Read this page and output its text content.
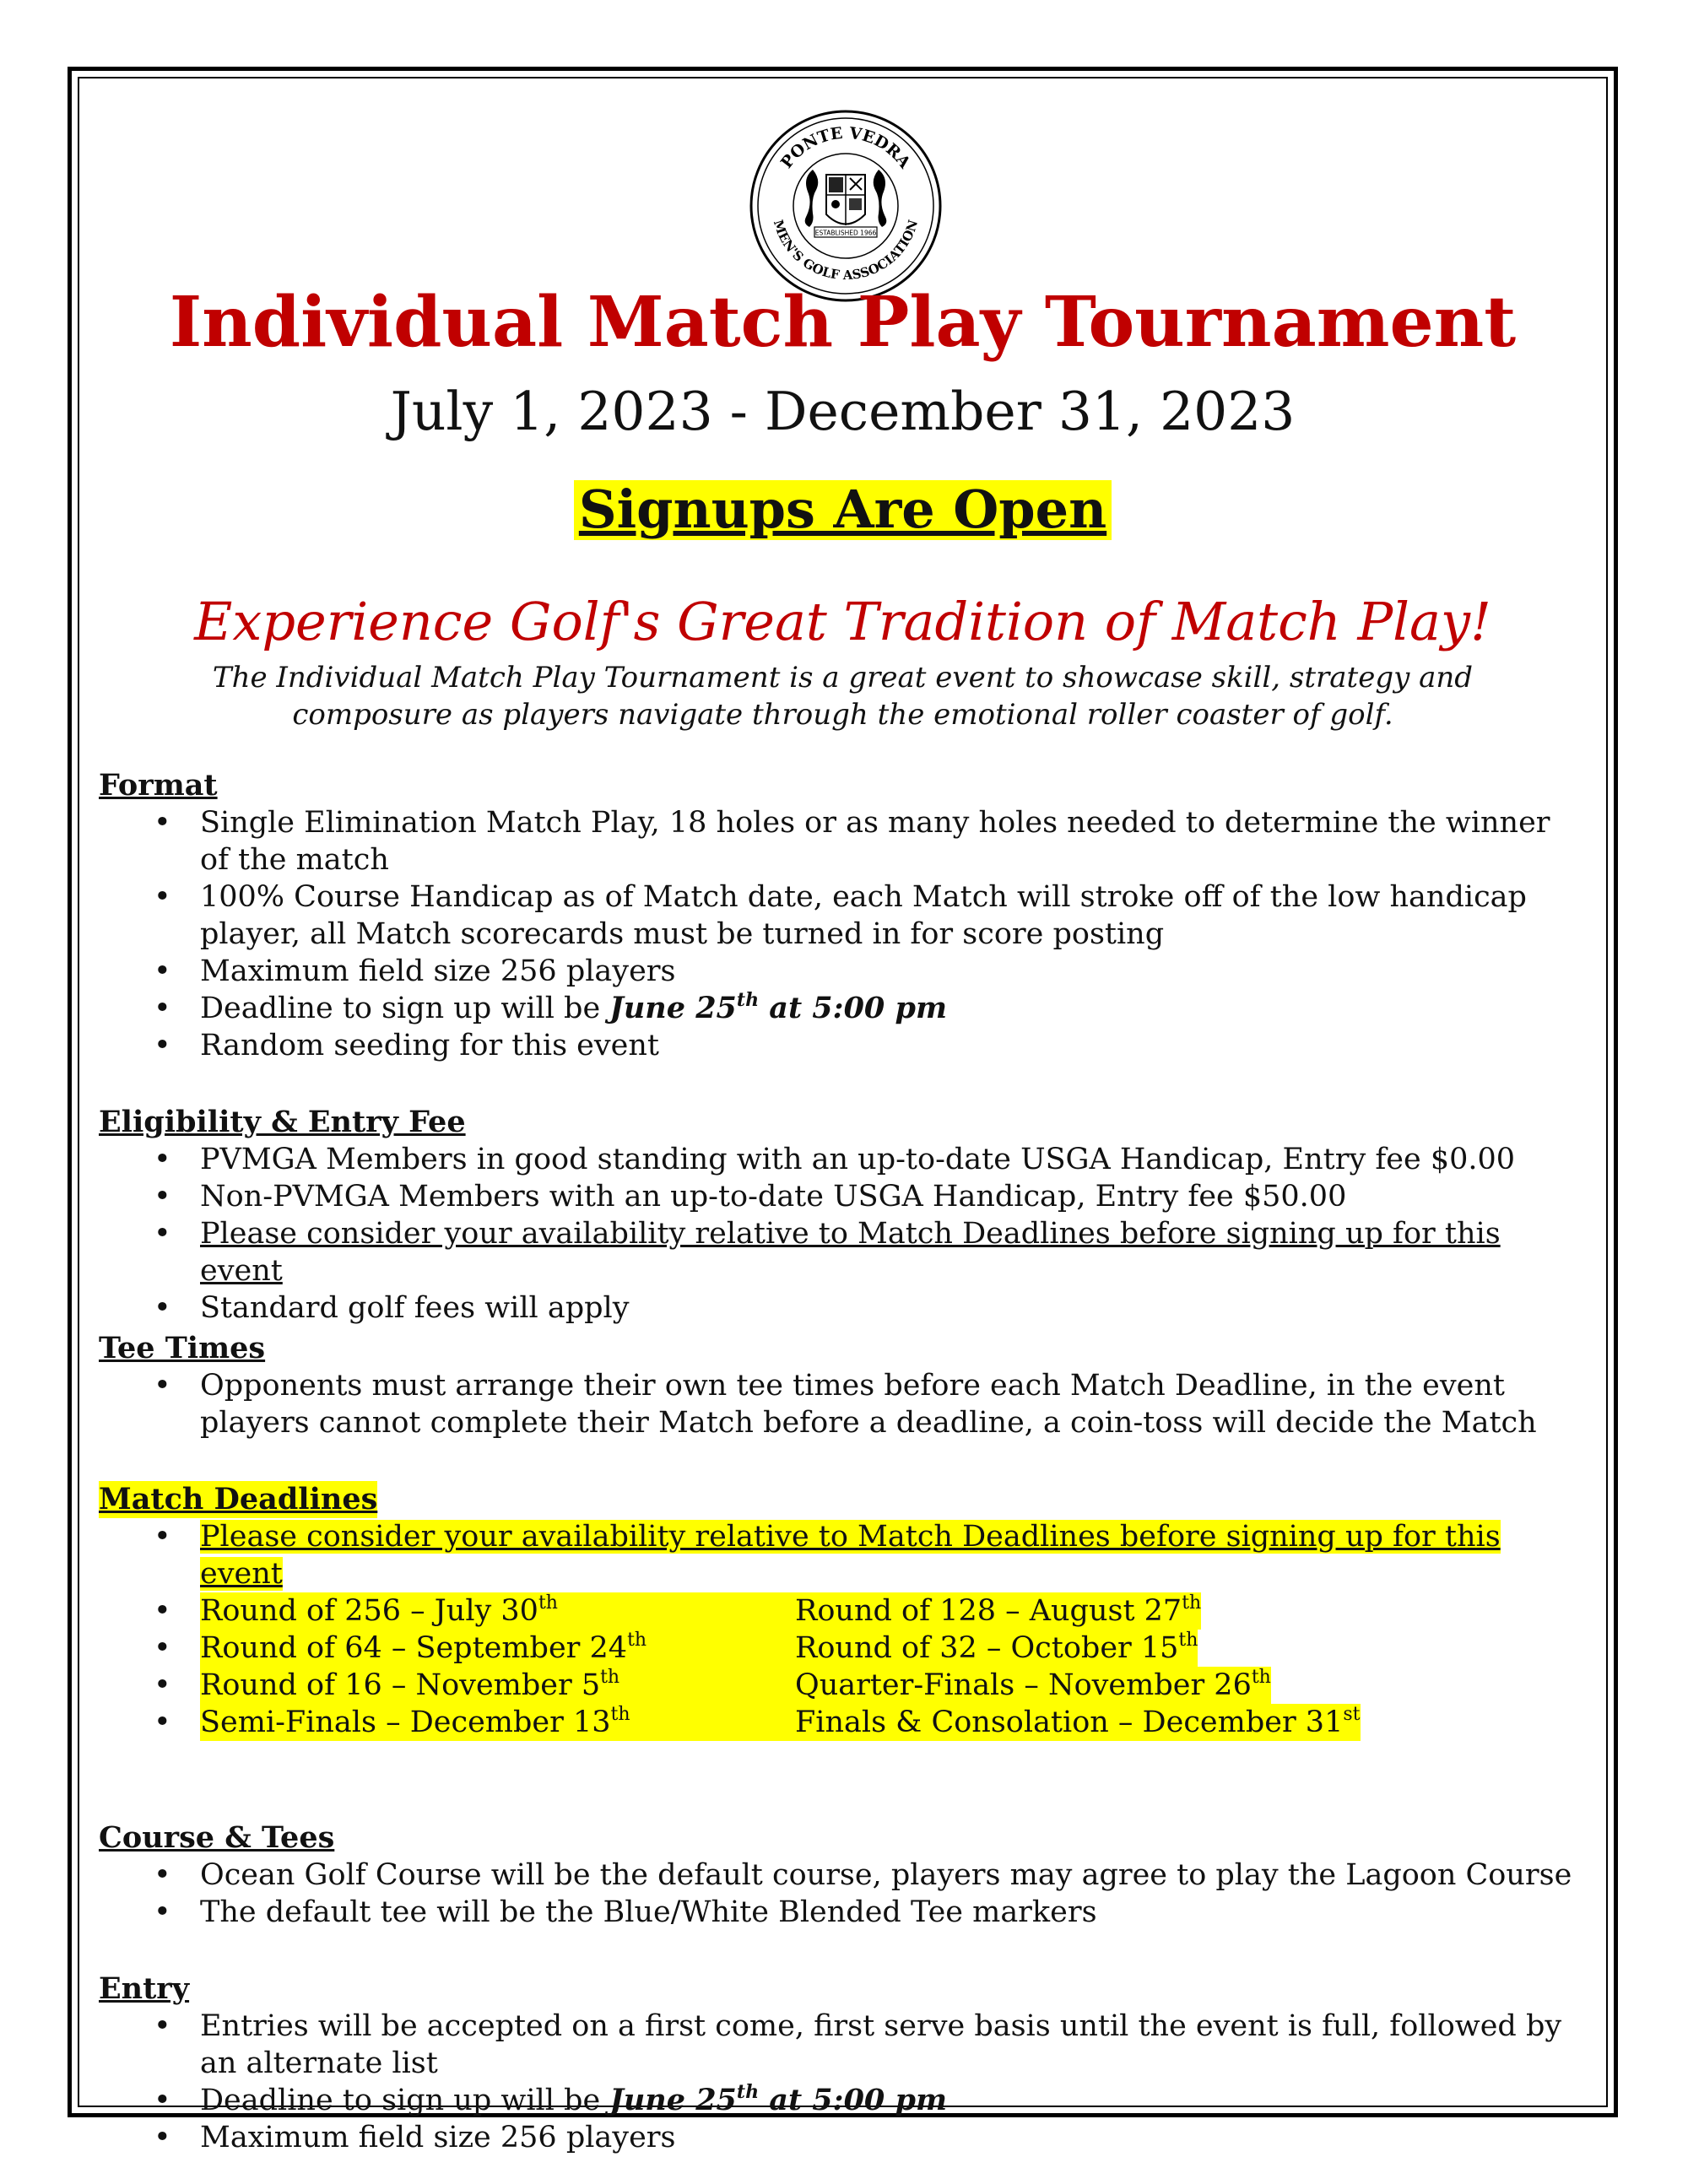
PONTE VEDRA
MEN'S GOLF ASSOCIATION
ESTABLISHED 1966
Individual Match Play Tournament
July 1, 2023 - December 31, 2023
Signups Are Open
Experience Golf's Great Tradition of Match Play!
The Individual Match Play Tournament is a great event to showcase skill, strategy and composure as players navigate through the emotional roller coaster of golf.
Format
• Single Elimination Match Play, 18 holes or as many holes needed to determine the winner of the match
• 100% Course Handicap as of Match date, each Match will stroke off of the low handicap player, all Match scorecards must be turned in for score posting
• Maximum field size 256 players
• Deadline to sign up will be June 25th at 5:00 pm
• Random seeding for this event
Eligibility & Entry Fee
• PVMGA Members in good standing with an up-to-date USGA Handicap, Entry fee $0.00
• Non-PVMGA Members with an up-to-date USGA Handicap, Entry fee $50.00
• Please consider your availability relative to Match Deadlines before signing up for this event
• Standard golf fees will apply
Tee Times
• Opponents must arrange their own tee times before each Match Deadline, in the event players cannot complete their Match before a deadline, a coin-toss will decide the Match
Match Deadlines
• Please consider your availability relative to Match Deadlines before signing up for this event
• Round of 256 – July 30th	Round of 128 – August 27th
• Round of 64 – September 24th	Round of 32 – October 15th
• Round of 16 – November 5th	Quarter-Finals – November 26th
• Semi-Finals – December 13th	Finals & Consolation – December 31st
Course & Tees
• Ocean Golf Course will be the default course, players may agree to play the Lagoon Course
• The default tee will be the Blue/White Blended Tee markers
Entry
• Entries will be accepted on a first come, first serve basis until the event is full, followed by an alternate list
• Deadline to sign up will be June 25th at 5:00 pm
• Maximum field size 256 players
